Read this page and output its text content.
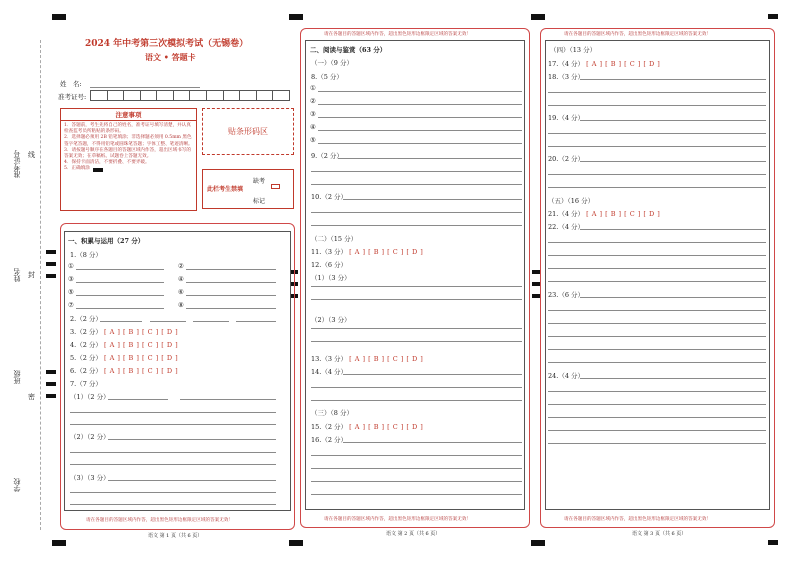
准考证号 线
姓名 封
班级
密
学校
2024 年中考第三次模拟考试（无锡卷）
语文 • 答题卡
姓　名:
准考证号:
注意事项
1．答题前，考生先将自己的姓名，准考证号填写清楚，并认真检查监考员所粘贴的条形码。
2．选择题必须用 2B 铅笔填涂；非选择题必须用 0.5mm 黑色签字笔答题，不得用铅笔或圆珠笔答题；字体工整、笔迹清晰。
3．请按题号顺序在各题目的答题区域内作答，超出区域书写的答案无效；在草稿纸、试题卷上答题无效。
4．保持卡面清洁，不要折叠、不要弄破。
5．正确填涂
贴条形码区
此栏考生禁填
缺考
标记
一、积累与运用（27 分）
1.（8 分）
①	②
③	④
⑤	⑥
⑦	⑧
2.（2 分）
3.（2 分） [ A ] [ B ] [ C ] [ D ]
4.（2 分） [ A ] [ B ] [ C ] [ D ]
5.（2 分） [ A ] [ B ] [ C ] [ D ]
6.（2 分） [ A ] [ B ] [ C ] [ D ]
7.（7 分）
（1）（2 分）
（2）（2 分）
（3）（3 分）
请在各题目的答题区域内作答，超出黑色矩形边框限定区域的答案无效！
语文 第 1 页（共 6 页）
请在各题目的答题区域内作答，超出黑色矩形边框限定区域的答案无效！
二、阅读与鉴赏（63 分）
（一）（9 分）
8.（5 分）
①
②
③
④
⑤
9.（2 分）
10.（2 分）
（二）（15 分）
11.（3 分） [ A ] [ B ] [ C ] [ D ]
12.（6 分）
（1）（3 分）
（2）（3 分）
13.（3 分） [ A ] [ B ] [ C ] [ D ]
14.（4 分）
（三）（8 分）
15.（2 分） [ A ] [ B ] [ C ] [ D ]
16.（2 分）
请在各题目的答题区域内作答，超出黑色矩形边框限定区域的答案无效！
语文 第 2 页（共 6 页）
请在各题目的答题区域内作答，超出黑色矩形边框限定区域的答案无效！
（四）（13 分）
17.（4 分） [ A ] [ B ] [ C ] [ D ]
18.（3 分）
19.（4 分）
20.（2 分）
（五）（16 分）
21.（4 分） [ A ] [ B ] [ C ] [ D ]
22.（4 分）
23.（6 分）
24.（4 分）
请在各题目的答题区域内作答，超出黑色矩形边框限定区域的答案无效！
语文 第 3 页（共 6 页）
